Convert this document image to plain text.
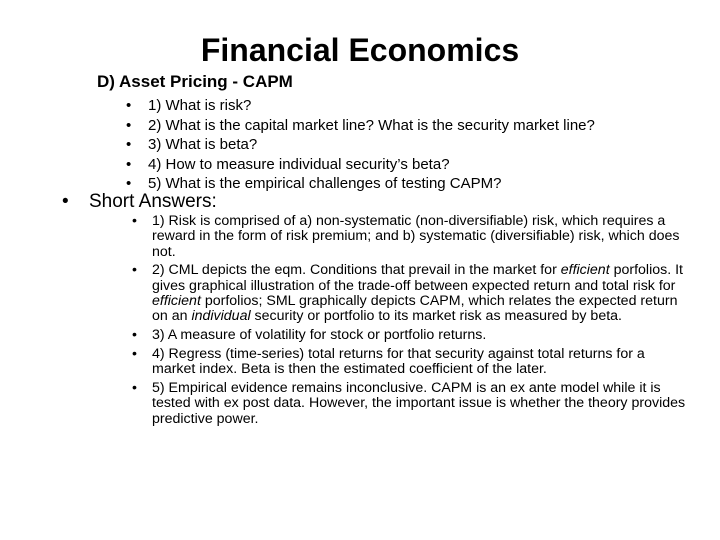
Financial Economics
D) Asset Pricing - CAPM
• 1) What is risk?
• 2) What is the capital market line? What is the security market line?
• 3) What is beta?
• 4) How to measure individual security’s beta?
• 5) What is the empirical challenges of testing CAPM?
• Short Answers:
• 1) Risk is comprised of a) non-systematic (non-diversifiable) risk, which requires a reward in the form of risk premium; and b) systematic (diversifiable) risk, which does not.
• 2) CML depicts the eqm. Conditions that prevail in the market for efficient porfolios. It gives graphical illustration of the trade-off between expected return and total risk for efficient porfolios; SML graphically depicts CAPM, which relates the expected return on an individual security or portfolio to its market risk as measured by beta.
• 3) A measure of volatility for stock or portfolio returns.
• 4) Regress (time-series) total returns for that security against total returns for a market index. Beta is then the estimated coefficient of the later.
• 5) Empirical evidence remains inconclusive. CAPM is an ex ante model while it is tested with ex post data. However, the important issue is whether the theory provides predictive power.
